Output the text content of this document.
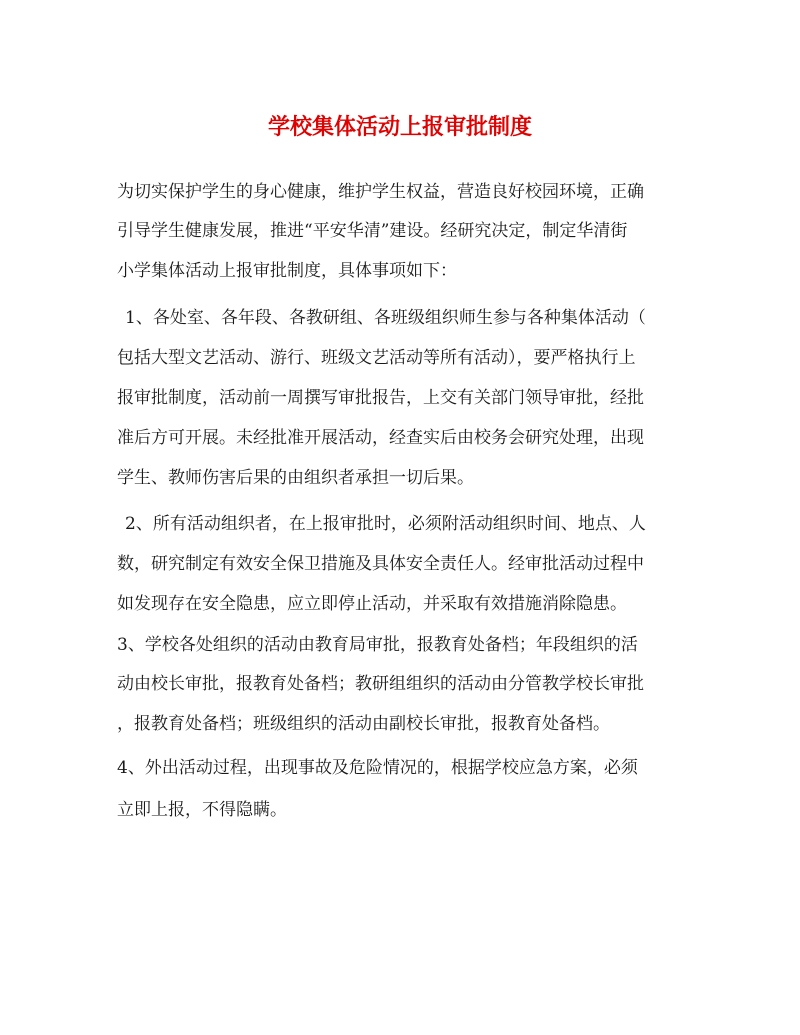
学校集体活动上报审批制度

为切实保护学生的身心健康，维护学生权益，营造良好校园环境，正确

引导学生健康发展，推进“平安华清”建设。经研究决定，制定华清街

小学集体活动上报审批制度，具体事项如下：

1、各处室、各年段、各教研组、各班级组织师生参与各种集体活动（

包括大型文艺活动、游行、班级文艺活动等所有活动），要严格执行上

报审批制度，活动前一周撰写审批报告，上交有关部门领导审批，经批

准后方可开展。未经批准开展活动，经查实后由校务会研究处理，出现

学生、教师伤害后果的由组织者承担一切后果。

2、所有活动组织者，在上报审批时，必须附活动组织时间、地点、人

数，研究制定有效安全保卫措施及具体安全责任人。经审批活动过程中

如发现存在安全隐患，应立即停止活动，并采取有效措施消除隐患。

3、学校各处组织的活动由教育局审批，报教育处备档；年段组织的活

动由校长审批，报教育处备档；教研组组织的活动由分管教学校长审批

，报教育处备档；班级组织的活动由副校长审批，报教育处备档。

4、外出活动过程，出现事故及危险情况的，根据学校应急方案，必须

立即上报，不得隐瞒。
